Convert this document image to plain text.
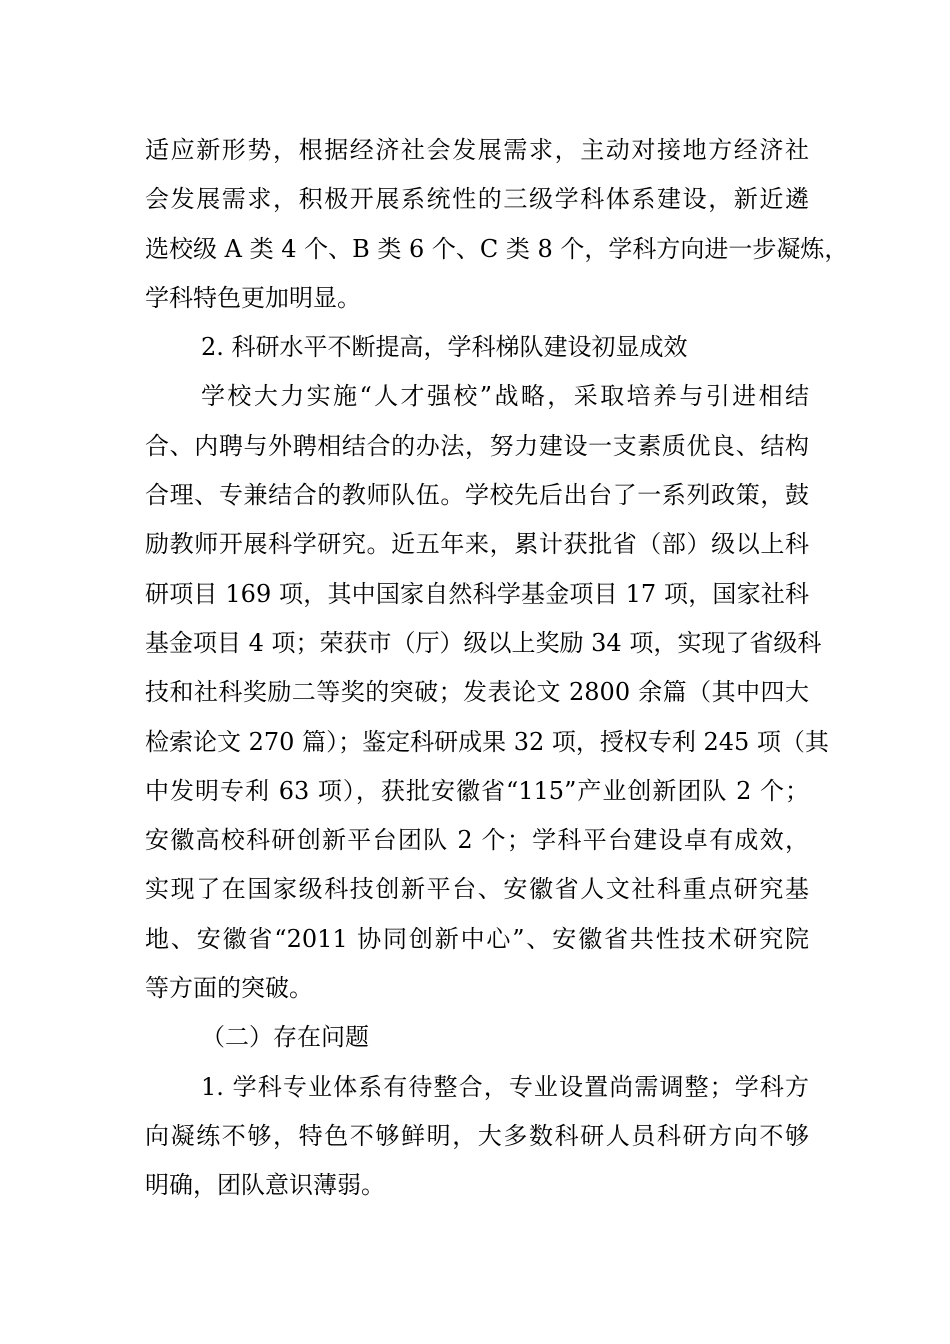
适应新形势，根据经济社会发展需求，主动对接地方经济社
会发展需求，积极开展系统性的三级学科体系建设，新近遴
选校级 A 类 4 个、B 类 6 个、C 类 8 个，学科方向进一步凝炼，
学科特色更加明显。
2. 科研水平不断提高，学科梯队建设初显成效
学校大力实施“人才强校”战略，采取培养与引进相结
合、内聘与外聘相结合的办法，努力建设一支素质优良、结构
合理、专兼结合的教师队伍。学校先后出台了一系列政策，鼓
励教师开展科学研究。近五年来，累计获批省（部）级以上科
研项目 169 项，其中国家自然科学基金项目 17 项，国家社科
基金项目 4 项；荣获市（厅）级以上奖励 34 项，实现了省级科
技和社科奖励二等奖的突破；发表论文 2800 余篇（其中四大
检索论文 270 篇）；鉴定科研成果 32 项，授权专利 245 项（其
中发明专利 63 项），获批安徽省“115”产业创新团队 2 个；
安徽高校科研创新平台团队 2 个；学科平台建设卓有成效，
实现了在国家级科技创新平台、安徽省人文社科重点研究基
地、安徽省“2011 协同创新中心”、安徽省共性技术研究院
等方面的突破。
（二）存在问题
1. 学科专业体系有待整合，专业设置尚需调整；学科方
向凝练不够，特色不够鲜明，大多数科研人员科研方向不够
明确，团队意识薄弱。
